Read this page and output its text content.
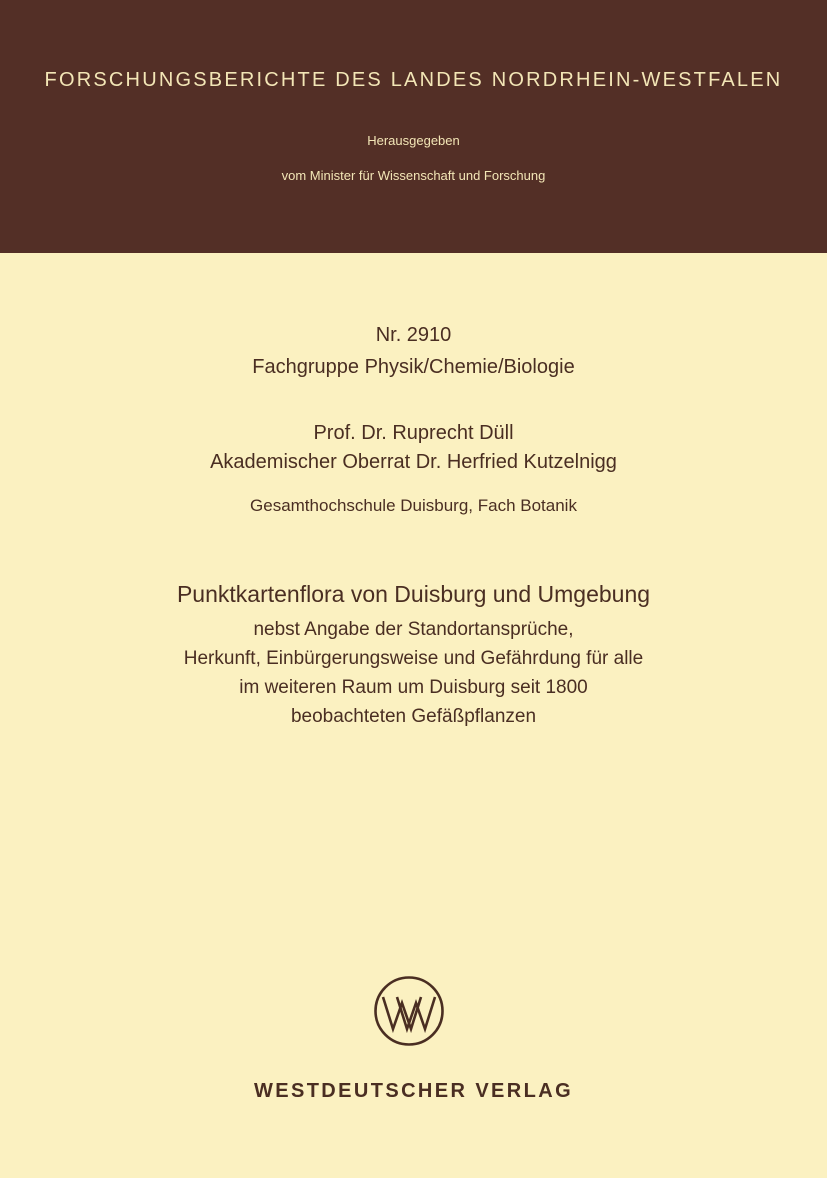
FORSCHUNGSBERICHTE DES LANDES NORDRHEIN-WESTFALEN
Herausgegeben
vom Minister für Wissenschaft und Forschung
Nr. 2910
Fachgruppe Physik/Chemie/Biologie
Prof. Dr. Ruprecht Düll
Akademischer Oberrat Dr. Herfried Kutzelnigg
Gesamthochschule Duisburg, Fach Botanik
Punktkartenflora von Duisburg und Umgebung
nebst Angabe der Standortansprüche,
Herkunft, Einbürgerungsweise und Gefährdung für alle
im weiteren Raum um Duisburg seit 1800
beobachteten Gefäßpflanzen
WESTDEUTSCHER VERLAG
